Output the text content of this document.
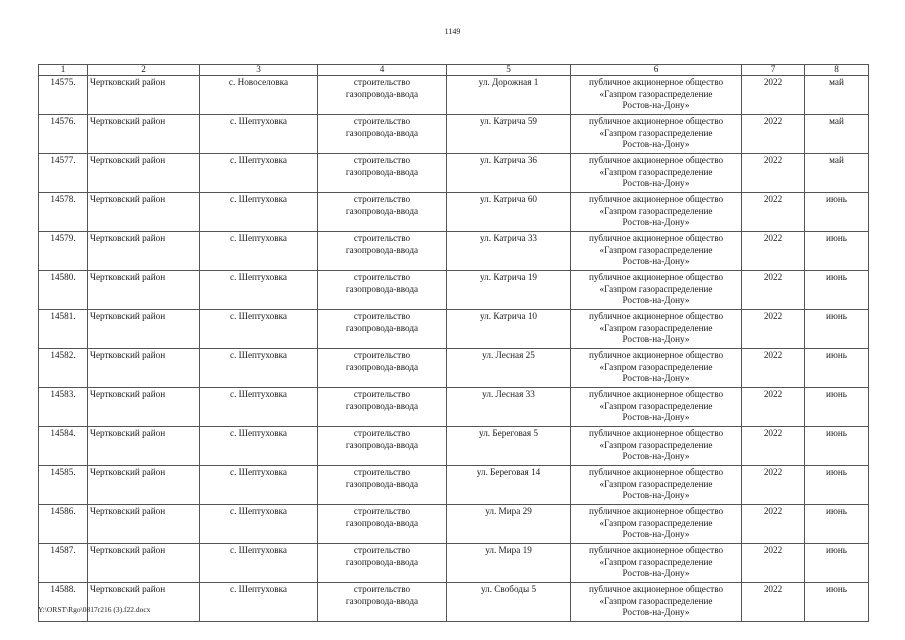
1149
1	2	3	4	5	6	7	8
14575.	Чертковский район	с. Новоселовка	строительство
газопровода-ввода	ул. Дорожная 1	публичное акционерное общество
«Газпром газораспределение
Ростов-на-Дону»	2022	май
14576.	Чертковский район	с. Шептуховка	строительство
газопровода-ввода	ул. Катрича 59	публичное акционерное общество
«Газпром газораспределение
Ростов-на-Дону»	2022	май
14577.	Чертковский район	с. Шептуховка	строительство
газопровода-ввода	ул. Катрича 36	публичное акционерное общество
«Газпром газораспределение
Ростов-на-Дону»	2022	май
14578.	Чертковский район	с. Шептуховка	строительство
газопровода-ввода	ул. Катрича 60	публичное акционерное общество
«Газпром газораспределение
Ростов-на-Дону»	2022	июнь
14579.	Чертковский район	с. Шептуховка	строительство
газопровода-ввода	ул. Катрича 33	публичное акционерное общество
«Газпром газораспределение
Ростов-на-Дону»	2022	июнь
14580.	Чертковский район	с. Шептуховка	строительство
газопровода-ввода	ул. Катрича 19	публичное акционерное общество
«Газпром газораспределение
Ростов-на-Дону»	2022	июнь
14581.	Чертковский район	с. Шептуховка	строительство
газопровода-ввода	ул. Катрича 10	публичное акционерное общество
«Газпром газораспределение
Ростов-на-Дону»	2022	июнь
14582.	Чертковский район	с. Шептуховка	строительство
газопровода-ввода	ул. Лесная 25	публичное акционерное общество
«Газпром газораспределение
Ростов-на-Дону»	2022	июнь
14583.	Чертковский район	с. Шептуховка	строительство
газопровода-ввода	ул. Лесная 33	публичное акционерное общество
«Газпром газораспределение
Ростов-на-Дону»	2022	июнь
14584.	Чертковский район	с. Шептуховка	строительство
газопровода-ввода	ул. Береговая 5	публичное акционерное общество
«Газпром газораспределение
Ростов-на-Дону»	2022	июнь
14585.	Чертковский район	с. Шептуховка	строительство
газопровода-ввода	ул. Береговая 14	публичное акционерное общество
«Газпром газораспределение
Ростов-на-Дону»	2022	июнь
14586.	Чертковский район	с. Шептуховка	строительство
газопровода-ввода	ул. Мира 29	публичное акционерное общество
«Газпром газораспределение
Ростов-на-Дону»	2022	июнь
14587.	Чертковский район	с. Шептуховка	строительство
газопровода-ввода	ул. Мира 19	публичное акционерное общество
«Газпром газораспределение
Ростов-на-Дону»	2022	июнь
14588.	Чертковский район	с. Шептуховка	строительство
газопровода-ввода	ул. Свободы 5	публичное акционерное общество
«Газпром газораспределение
Ростов-на-Дону»	2022	июнь
Y:\ORST\Rgo\0817r216 (3).f22.docx
